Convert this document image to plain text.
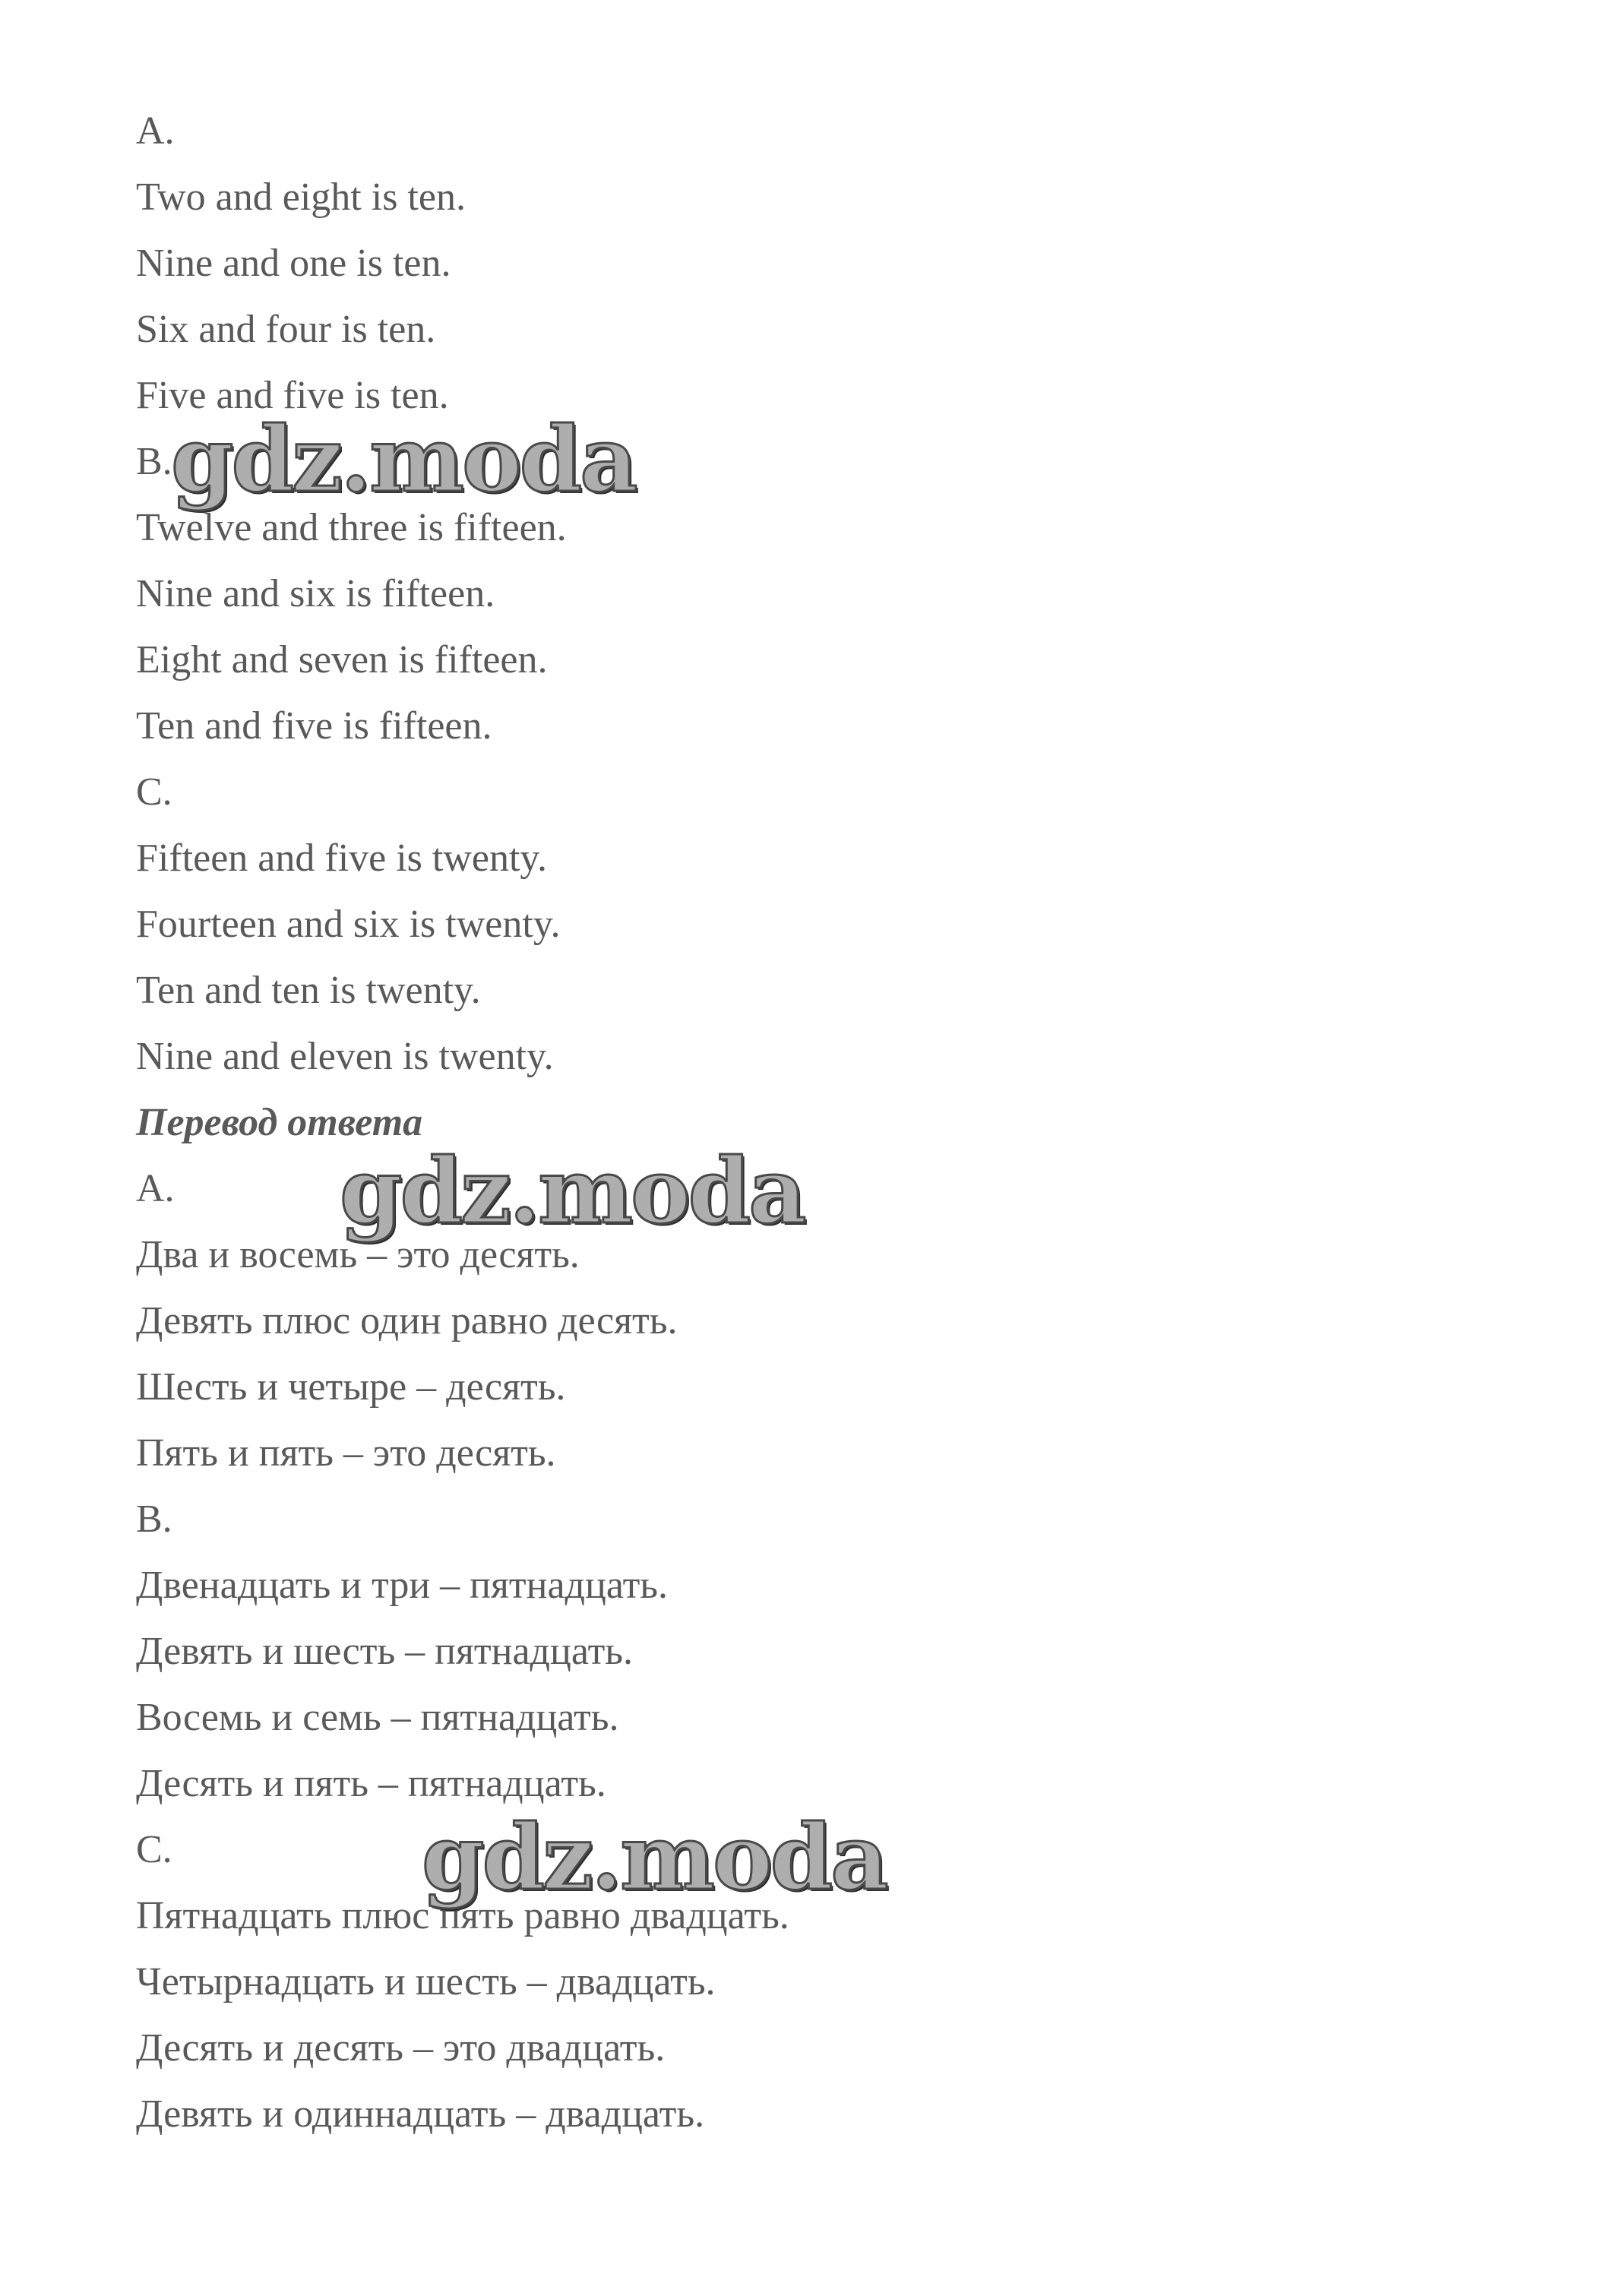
A.
Two and eight is ten.
Nine and one is ten.
Six and four is ten.
Five and five is ten.
B.
Twelve and three is fifteen.
Nine and six is fifteen.
Eight and seven is fifteen.
Ten and five is fifteen.
C.
Fifteen and five is twenty.
Fourteen and six is twenty.
Ten and ten is twenty.
Nine and eleven is twenty.
Перевод ответа
A.
Два и восемь – это десять.
Девять плюс один равно десять.
Шесть и четыре – десять.
Пять и пять – это десять.
B.
Двенадцать и три – пятнадцать.
Девять и шесть – пятнадцать.
Восемь и семь – пятнадцать.
Десять и пять – пятнадцать.
C.
Пятнадцать плюс пять равно двадцать.
Четырнадцать и шесть – двадцать.
Десять и десять – это двадцать.
Девять и одиннадцать – двадцать.
gdz.moda
gdz.moda
gdz.moda
